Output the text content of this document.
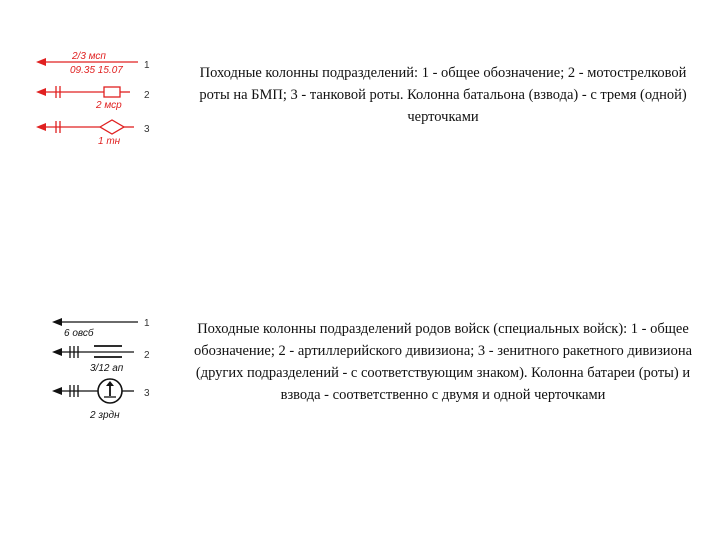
2/3 мсп
09.35 15.07
2 мср
1 тн
1
2
3
6 овсб
3/12 ап
2 зрдн
1
2
3

Походные колонны подразделений: 1 - общее обозначение; 2 - мотострелковой роты на БМП; 3 - танковой роты. Колонна батальона (взвода) - с тремя (одной) черточками

Походные колонны подразделений родов войск (специальных войск): 1 - общее обозначение; 2 - артиллерийского дивизиона; 3 - зенитного ракетного дивизиона (других подразделений - с соответствующим знаком). Колонна батареи (роты) и взвода - соответственно с двумя и одной черточками
